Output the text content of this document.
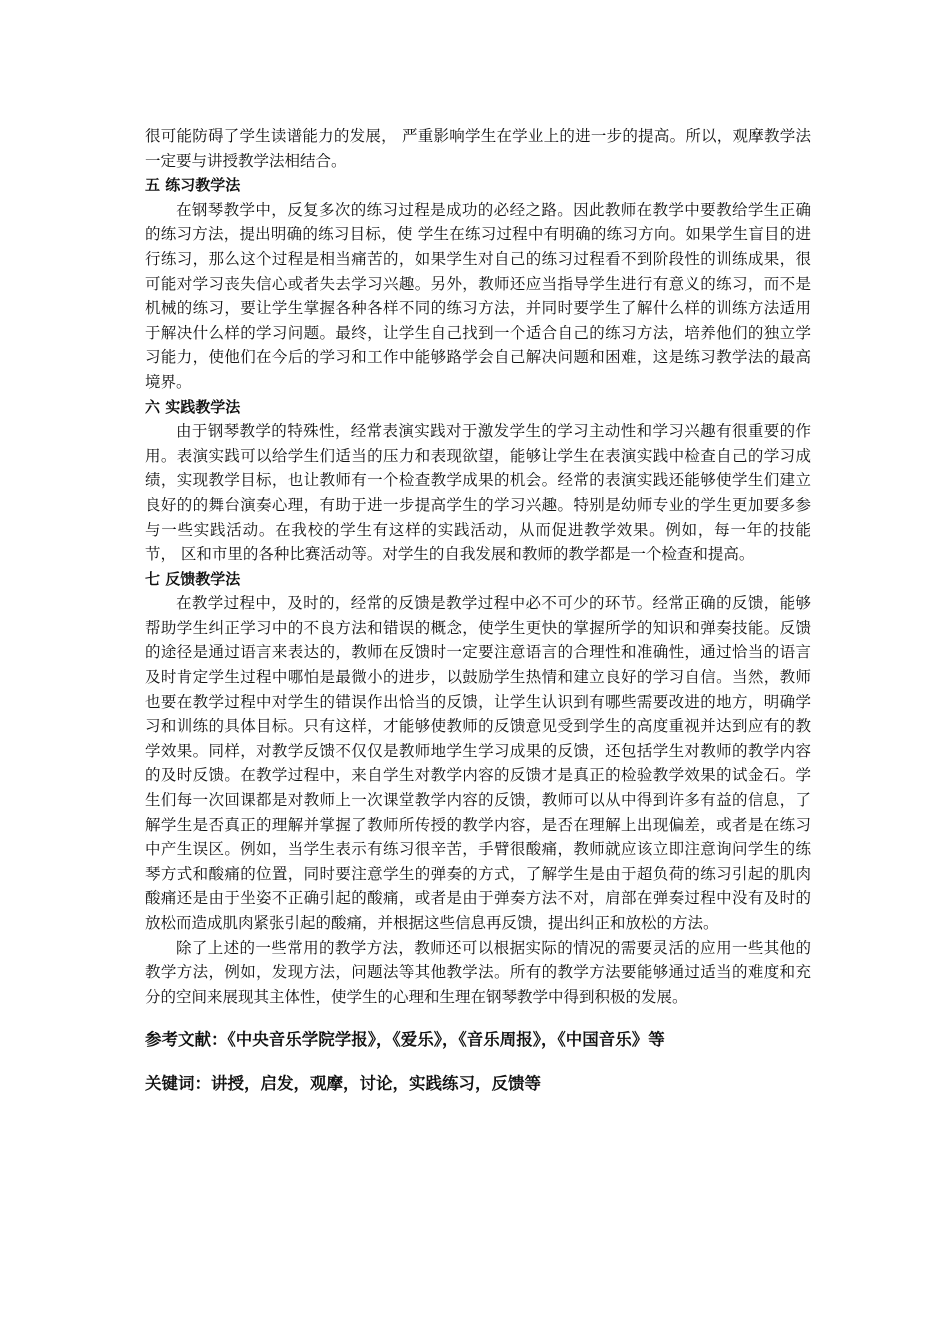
很可能防碍了学生读谱能力的发展， 严重影响学生在学业上的进一步的提高。所以，观摩教学法一定要与讲授教学法相结合。

五 练习教学法

在钢琴教学中，反复多次的练习过程是成功的必经之路。因此教师在教学中要教给学生正确的练习方法，提出明确的练习目标，使 学生在练习过程中有明确的练习方向。如果学生盲目的进行练习，那么这个过程是相当痛苦的，如果学生对自己的练习过程看不到阶段性的训练成果，很可能对学习丧失信心或者失去学习兴趣。另外，教师还应当指导学生进行有意义的练习，而不是机械的练习，要让学生掌握各种各样不同的练习方法，并同时要学生了解什么样的训练方法适用于解决什么样的学习问题。最终，让学生自己找到一个适合自己的练习方法，培养他们的独立学习能力，使他们在今后的学习和工作中能够路学会自己解决问题和困难，这是练习教学法的最高境界。

六 实践教学法

由于钢琴教学的特殊性，经常表演实践对于激发学生的学习主动性和学习兴趣有很重要的作用。表演实践可以给学生们适当的压力和表现欲望，能够让学生在表演实践中检查自己的学习成绩，实现教学目标，也让教师有一个检查教学成果的机会。经常的表演实践还能够使学生们建立良好的的舞台演奏心理，有助于进一步提高学生的学习兴趣。特别是幼师专业的学生更加要多参与一些实践活动。在我校的学生有这样的实践活动，从而促进教学效果。例如，每一年的技能节， 区和市里的各种比赛活动等。对学生的自我发展和教师的教学都是一个检查和提高。

七 反馈教学法

在教学过程中，及时的，经常的反馈是教学过程中必不可少的环节。经常正确的反馈，能够帮助学生纠正学习中的不良方法和错误的概念，使学生更快的掌握所学的知识和弹奏技能。反馈的途径是通过语言来表达的，教师在反馈时一定要注意语言的合理性和准确性，通过恰当的语言及时肯定学生过程中哪怕是最微小的进步，以鼓励学生热情和建立良好的学习自信。当然，教师也要在教学过程中对学生的错误作出恰当的反馈，让学生认识到有哪些需要改进的地方，明确学习和训练的具体目标。只有这样，才能够使教师的反馈意见受到学生的高度重视并达到应有的教学效果。同样，对教学反馈不仅仅是教师地学生学习成果的反馈，还包括学生对教师的教学内容的及时反馈。在教学过程中，来自学生对教学内容的反馈才是真正的检验教学效果的试金石。学生们每一次回课都是对教师上一次课堂教学内容的反馈，教师可以从中得到许多有益的信息，了解学生是否真正的理解并掌握了教师所传授的教学内容，是否在理解上出现偏差，或者是在练习中产生误区。例如，当学生表示有练习很辛苦，手臂很酸痛，教师就应该立即注意询问学生的练琴方式和酸痛的位置，同时要注意学生的弹奏的方式，了解学生是由于超负荷的练习引起的肌肉酸痛还是由于坐姿不正确引起的酸痛，或者是由于弹奏方法不对，肩部在弹奏过程中没有及时的放松而造成肌肉紧张引起的酸痛，并根据这些信息再反馈，提出纠正和放松的方法。

除了上述的一些常用的教学方法，教师还可以根据实际的情况的需要灵活的应用一些其他的教学方法，例如，发现方法，问题法等其他教学法。所有的教学方法要能够通过适当的难度和充分的空间来展现其主体性，使学生的心理和生理在钢琴教学中得到积极的发展。

参考文献：《中央音乐学院学报》，《爱乐》，《音乐周报》，《中国音乐》等

关键词：讲授，启发，观摩，讨论，实践练习，反馈等
